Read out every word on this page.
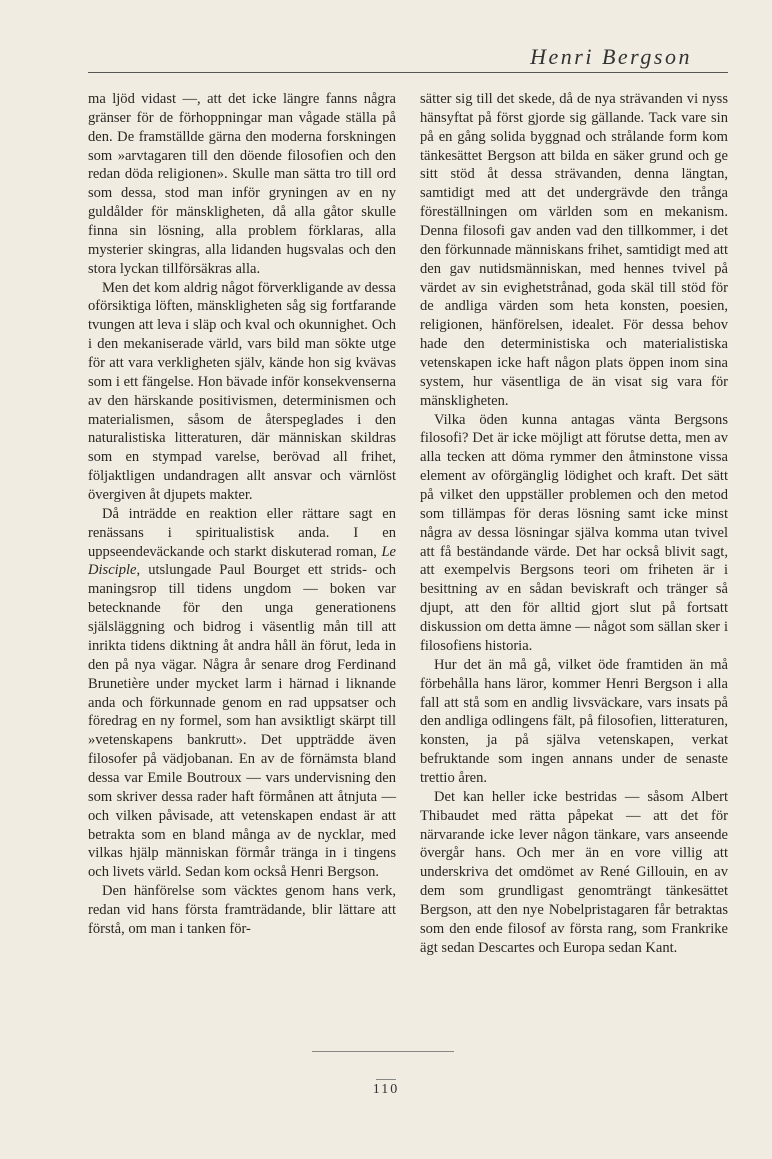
Henri Bergson

ma ljöd vidast —, att det icke längre fanns några gränser för de förhoppningar man vågade ställa på den. De framställde gärna den moderna forskningen som »arvtagaren till den döende filosofien och den redan döda religionen». Skulle man sätta tro till ord som dessa, stod man inför gryningen av en ny guldålder för mänskligheten, då alla gåtor skulle finna sin lösning, alla problem förklaras, alla mysterier skingras, alla lidanden hugsvalas och den stora lyckan tillförsäkras alla.

Men det kom aldrig något förverkligande av dessa oförsiktiga löften, mänskligheten såg sig fortfarande tvungen att leva i släp och kval och okunnighet. Och i den mekaniserade värld, vars bild man sökte utge för att vara verkligheten själv, kände hon sig kvävas som i ett fängelse. Hon bävade inför konsekvenserna av den härskande positivismen, determinismen och materialismen, såsom de återspeglades i den naturalistiska litteraturen, där människan skildras som en stympad varelse, berövad all frihet, följaktligen undandragen allt ansvar och värnlöst övergiven åt djupets makter.

Då inträdde en reaktion eller rättare sagt en renässans i spiritualistisk anda. I en uppseendeväckande och starkt diskuterad roman, Le Disciple, utslungade Paul Bourget ett strids- och maningsrop till tidens ungdom — boken var betecknande för den unga generationens själsläggning och bidrog i väsentlig mån till att inrikta tidens diktning åt andra håll än förut, leda in den på nya vägar. Några år senare drog Ferdinand Brunetière under mycket larm i härnad i liknande anda och förkunnade genom en rad uppsatser och föredrag en ny formel, som han avsiktligt skärpt till »vetenskapens bankrutt». Det uppträdde även filosofer på vädjobanan. En av de förnämsta bland dessa var Emile Boutroux — vars undervisning den som skriver dessa rader haft förmånen att åtnjuta — och vilken påvisade, att vetenskapen endast är att betrakta som en bland många av de nycklar, med vilkas hjälp människan förmår tränga in i tingens och livets värld. Sedan kom också Henri Bergson.

Den hänförelse som väcktes genom hans verk, redan vid hans första framträdande, blir lättare att förstå, om man i tanken för-

sätter sig till det skede, då de nya strävanden vi nyss hänsyftat på först gjorde sig gällande. Tack vare sin på en gång solida byggnad och strålande form kom tänkesättet Bergson att bilda en säker grund och ge sitt stöd åt dessa strävanden, denna längtan, samtidigt med att det undergrävde den trånga föreställningen om världen som en mekanism. Denna filosofi gav anden vad den tillkommer, i det den förkunnade människans frihet, samtidigt med att den gav nutidsmänniskan, med hennes tvivel på värdet av sin evighetstrånad, goda skäl till stöd för de andliga värden som heta konsten, poesien, religionen, hänförelsen, idealet. För dessa behov hade den deterministiska och materialistiska vetenskapen icke haft någon plats öppen inom sina system, hur väsentliga de än visat sig vara för mänskligheten.

Vilka öden kunna antagas vänta Bergsons filosofi? Det är icke möjligt att förutse detta, men av alla tecken att döma rymmer den åtminstone vissa element av oförgänglig lödighet och kraft. Det sätt på vilket den uppställer problemen och den metod som tillämpas för deras lösning samt icke minst några av dessa lösningar själva komma utan tvivel att få beständande värde. Det har också blivit sagt, att exempelvis Bergsons teori om friheten är i besittning av en sådan beviskraft och tränger så djupt, att den för alltid gjort slut på fortsatt diskussion om detta ämne — något som sällan sker i filosofiens historia.

Hur det än må gå, vilket öde framtiden än må förbehålla hans läror, kommer Henri Bergson i alla fall att stå som en andlig livsväckare, vars insats på den andliga odlingens fält, på filosofien, litteraturen, konsten, ja på själva vetenskapen, verkat befruktande som ingen annans under de senaste trettio åren.

Det kan heller icke bestridas — såsom Albert Thibaudet med rätta påpekat — att det för närvarande icke lever någon tänkare, vars anseende övergår hans. Och mer än en vore villig att underskriva det omdömet av René Gillouin, en av dem som grundligast genomträngt tänkesättet Bergson, att den nye Nobelpristagaren får betraktas som den ende filosof av första rang, som Frankrike ägt sedan Descartes och Europa sedan Kant.

110
